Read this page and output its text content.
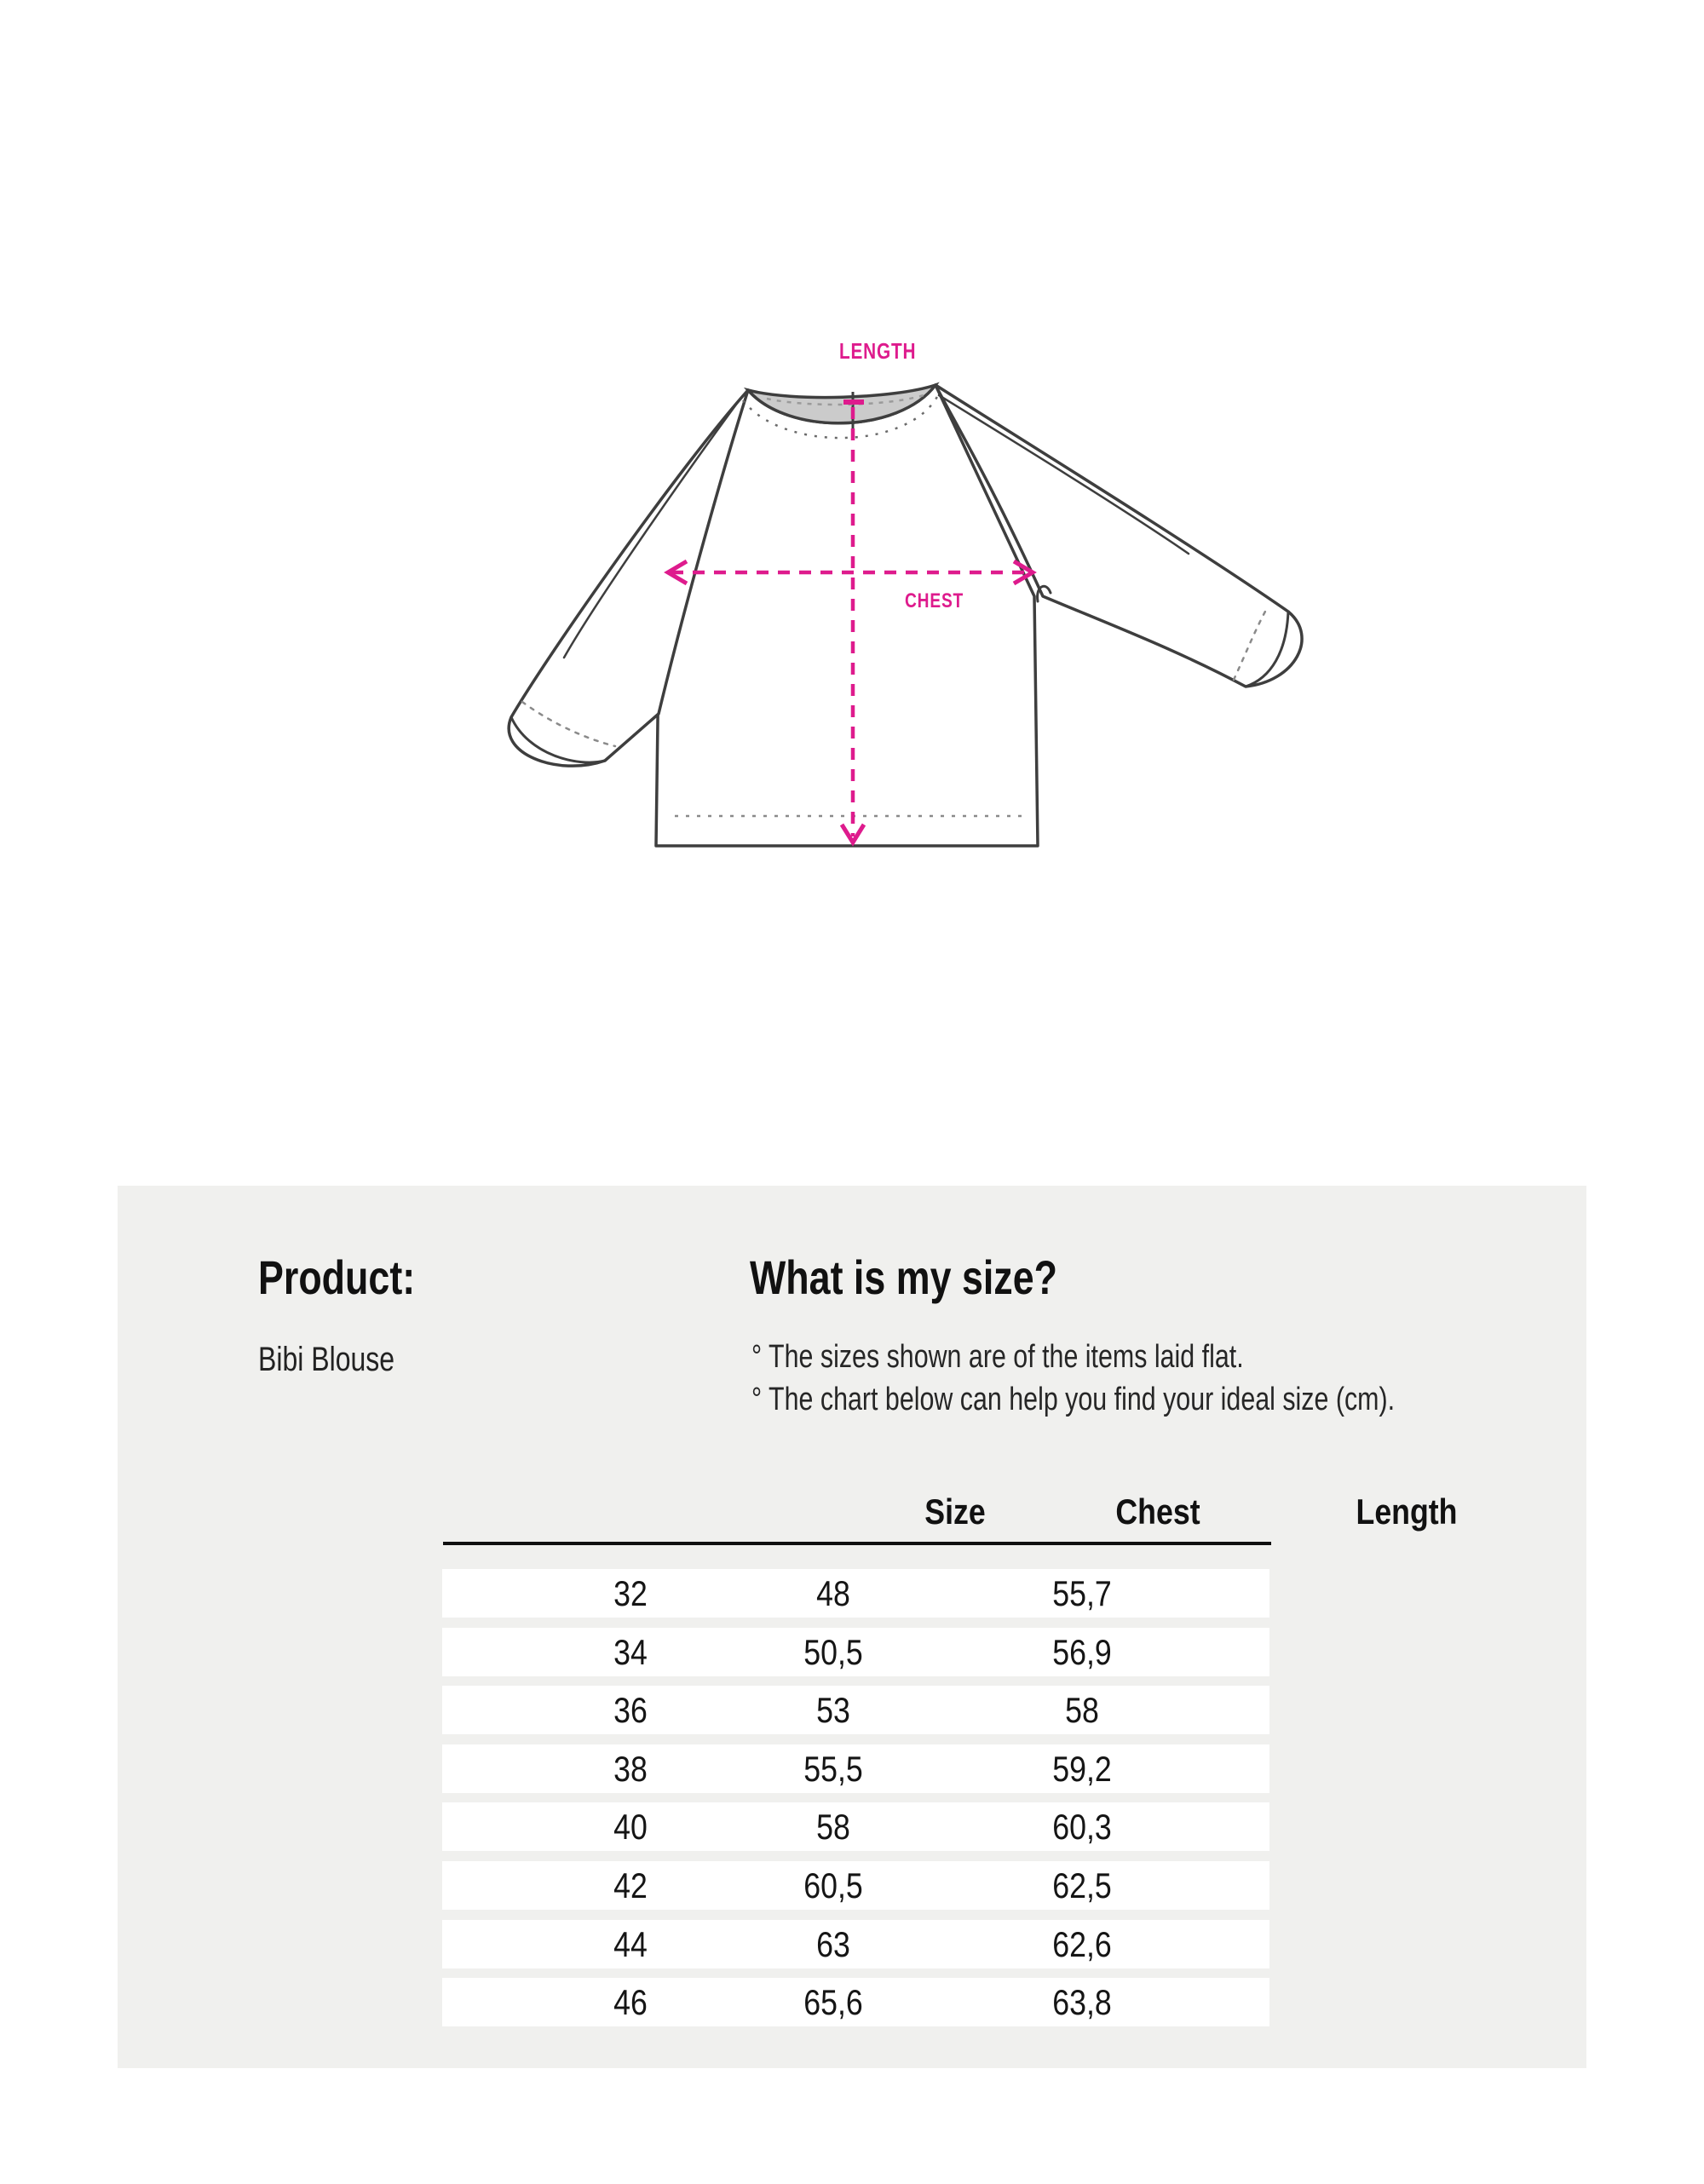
LENGTH
CHEST
Product:	What is my size?
Bibi Blouse	° The sizes shown are of the items laid flat.
° The chart below can help you find your ideal size (cm).
Size	Chest	Length
32	48	55,7
34	50,5	56,9
36	53	58
38	55,5	59,2
40	58	60,3
42	60,5	62,5
44	63	62,6
46	65,6	63,8
